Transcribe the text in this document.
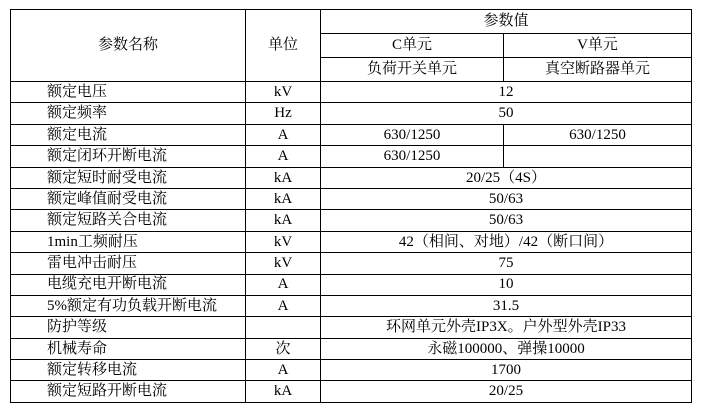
参数名称	单位	参数值	
		C单元	V单元
		负荷开关单元	真空断路器单元
额定电压	kV	12	
额定频率	Hz	50	
额定电流	A	630/1250	630/1250
额定闭环开断电流	A	630/1250	
额定短时耐受电流	kA	20/25（4S）	
额定峰值耐受电流	kA	50/63	
额定短路关合电流	kA	50/63	
1min工频耐压	kV	42（相间、对地）/42（断口间）	
雷电冲击耐压	kV	75	
电缆充电开断电流	A	10	
5%额定有功负载开断电流	A	31.5	
防护等级		环网单元外壳IP3X。户外型外壳IP33	
机械寿命	次	永磁100000、弹操10000	
额定转移电流	A	1700	
额定短路开断电流	kA	20/25	
